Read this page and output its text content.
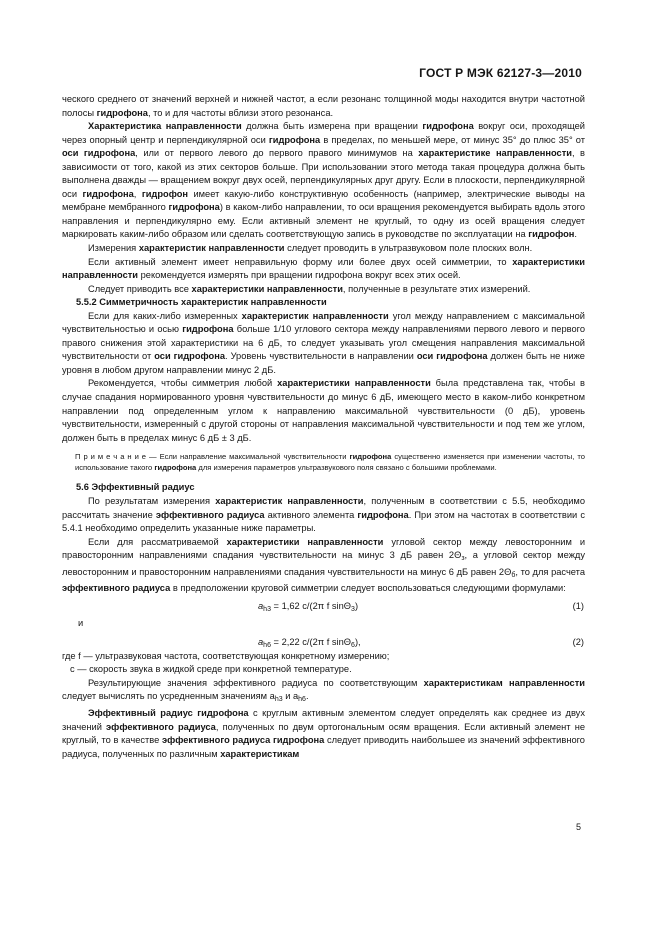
ГОСТ Р МЭК 62127-3—2010

ческого среднего от значений верхней и нижней частот, а если резонанс толщинной моды находится внутри частотной полосы гидрофона, то и для частоты вблизи этого резонанса.

Характеристика направленности должна быть измерена при вращении гидрофона вокруг оси, проходящей через опорный центр и перпендикулярной оси гидрофона в пределах, по меньшей мере, от минус 35° до плюс 35° от оси гидрофона, или от первого левого до первого правого минимумов на характеристике направленности, в зависимости от того, какой из этих секторов больше. При использовании этого метода такая процедура должна быть выполнена дважды — вращением вокруг двух осей, перпендикулярных друг другу. Если в плоскости, перпендикулярной оси гидрофона, гидрофон имеет какую-либо конструктивную особенность (например, электрические выводы на мембране мембранного гидрофона) в каком-либо направлении, то оси вращения рекомендуется выбирать вдоль этого направления и перпендикулярно ему. Если активный элемент не круглый, то одну из осей вращения следует маркировать каким-либо образом или сделать соответствующую запись в руководстве по эксплуатации на гидрофон.

Измерения характеристик направленности следует проводить в ультразвуковом поле плоских волн.

Если активный элемент имеет неправильную форму или более двух осей симметрии, то характеристики направленности рекомендуется измерять при вращении гидрофона вокруг всех этих осей.

Следует приводить все характеристики направленности, полученные в результате этих измерений.

5.5.2 Симметричность характеристик направленности

Если для каких-либо измеренных характеристик направленности угол между направлением с максимальной чувствительностью и осью гидрофона больше 1/10 углового сектора между направлениями первого левого и первого правого снижения этой характеристики на 6 дБ, то следует указывать угол смещения направления максимальной чувствительности от оси гидрофона. Уровень чувствительности в направлении оси гидрофона должен быть не ниже уровня в любом другом направлении минус 2 дБ.

Рекомендуется, чтобы симметрия любой характеристики направленности была представлена так, чтобы в случае спадания нормированного уровня чувствительности до минус 6 дБ, имеющего место в каком-либо конкретном направлении под определенным углом к направлению максимальной чувствительности (0 дБ), уровень чувствительности, измеренный с другой стороны от направления максимальной чувствительности и под тем же углом, должен быть в пределах минус 6 дБ ± 3 дБ.

П р и м е ч а н и е — Если направление максимальной чувствительности гидрофона существенно изменяется при изменении частоты, то использование такого гидрофона для измерения параметров ультразвукового поля связано с большими проблемами.

5.6 Эффективный радиус

По результатам измерения характеристик направленности, полученным в соответствии с 5.5, необходимо рассчитать значение эффективного радиуса активного элемента гидрофона. При этом на частотах в соответствии с 5.4.1 необходимо определить указанные ниже параметры.

Если для рассматриваемой характеристики направленности угловой сектор между левосторонним и правосторонним направлениями спадания чувствительности на минус 3 дБ равен $2\Theta_з$, а угловой сектор между левосторонним и правосторонним направлениями спадания чувствительности на минус 6 дБ равен $2\Theta_б$, то для расчета эффективного радиуса в предположении круговой симметрии следует воспользоваться следующими формулами:

$a_{h3} = 1,62$ c/(2π f sinΘ$_3$)	(1)

и

$a_{h6} = 2,22$ c/(2π f sinΘ$_6$),	(2)

где f — ультразвуковая частота, соответствующая конкретному измерению;

c — скорость звука в жидкой среде при конкретной температуре.

Результирующие значения эффективного радиуса по соответствующим характеристикам направленности следует вычислять по усредненным значениям $a_{h3}$ и $a_{h6}$.

Эффективный радиус гидрофона с круглым активным элементом следует определять как среднее из двух значений эффективного радиуса, полученных по двум ортогональным осям вращения. Если активный элемент не круглый, то в качестве эффективного радиуса гидрофона следует приводить наибольшее из значений эффективного радиуса, полученных по различным характеристикам

5
